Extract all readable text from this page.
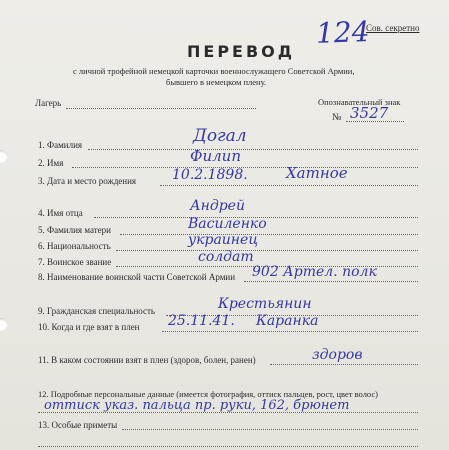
Сов. секретно
124
ПЕРЕВОД
с личной трофейной немецкой карточки военнослужащего Советской Армии,
бывшего в немецком плену.
Лагерь	Опознавательный знак
№ 3527
1. Фамилия	Догал
2. Имя	Филип
3. Дата и место рождения	10.2.1898.	Хатное
4. Имя отца	Андрей
5. Фамилия матери	Василенко
6. Национальность	украинец
7. Воинское звание	солдат
8. Наименование воинской части Советской Армии 902 Артел. полк
9. Гражданская специальность	Крестьянин
10. Когда и где взят в плен 25.11.41. Каранка
11. В каком состоянии взят в плен (здоров, болен, ранен)	здоров
12. Подробные персональные данные (имеется фотография, оттиск пальцев, рост, цвет волос)
оттиск указ. пальца пр. руки, 162, брюнет
13. Особые приметы
